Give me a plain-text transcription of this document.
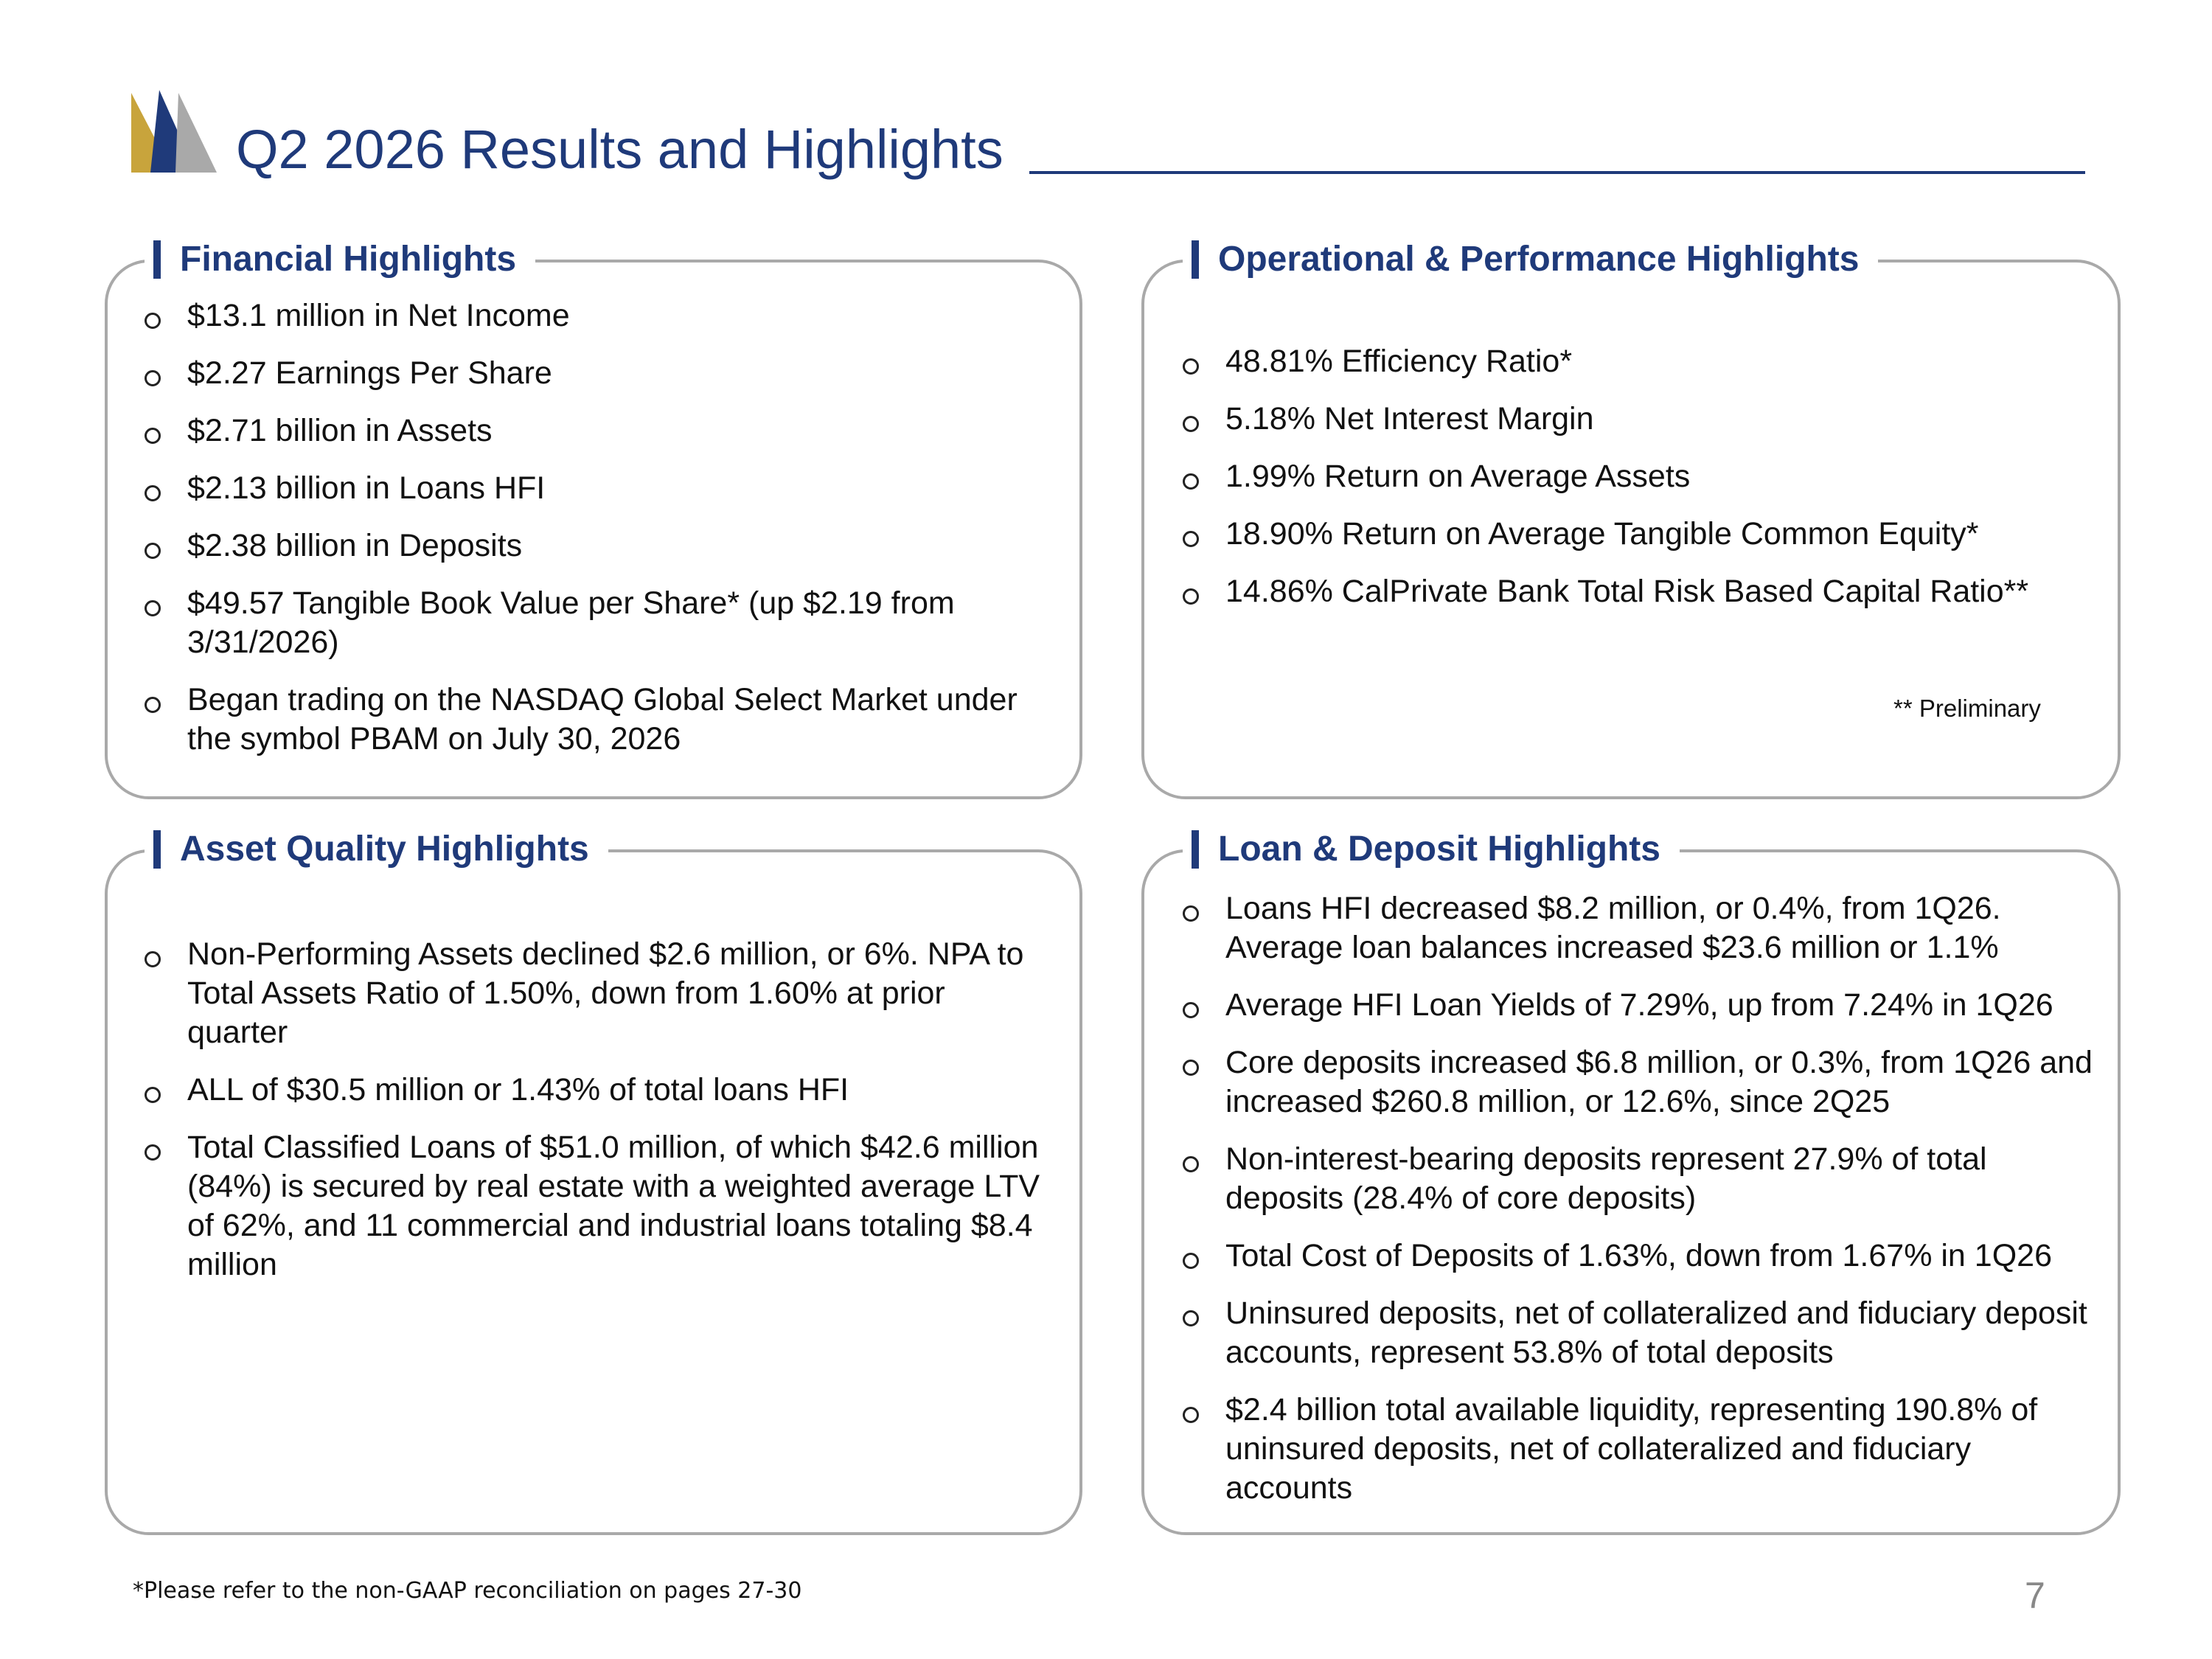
Q2 2026 Results and Highlights
Financial Highlights
$13.1 million in Net Income
$2.27 Earnings Per Share
$2.71 billion in Assets
$2.13 billion in Loans HFI
$2.38 billion in Deposits
$49.57 Tangible Book Value per Share* (up $2.19 from 3/31/2026)
Began trading on the NASDAQ Global Select Market under the symbol PBAM on July 30, 2026
Operational & Performance Highlights
48.81% Efficiency Ratio*
5.18% Net Interest Margin
1.99% Return on Average Assets
18.90% Return on Average Tangible Common Equity*
14.86% CalPrivate Bank Total Risk Based Capital Ratio**
** Preliminary
Asset Quality Highlights
Non-Performing Assets declined $2.6 million, or 6%. NPA to Total Assets Ratio of 1.50%, down from 1.60% at prior quarter
ALL of $30.5 million or 1.43% of total loans HFI
Total Classified Loans of $51.0 million, of which $42.6 million (84%) is secured by real estate with a weighted average LTV of 62%, and 11 commercial and industrial loans totaling $8.4 million
Loan & Deposit Highlights
Loans HFI decreased $8.2 million, or 0.4%, from 1Q26. Average loan balances increased $23.6 million or 1.1%
Average HFI Loan Yields of 7.29%, up from 7.24% in 1Q26
Core deposits increased $6.8 million, or 0.3%, from 1Q26 and increased $260.8 million, or 12.6%, since 2Q25
Non-interest-bearing deposits represent 27.9% of total deposits (28.4% of core deposits)
Total Cost of Deposits of 1.63%, down from 1.67% in 1Q26
Uninsured deposits, net of collateralized and fiduciary deposit accounts, represent 53.8% of total deposits
$2.4 billion total available liquidity, representing 190.8% of uninsured deposits, net of collateralized and fiduciary accounts
*Please refer to the non-GAAP reconciliation on pages 27-30	7
